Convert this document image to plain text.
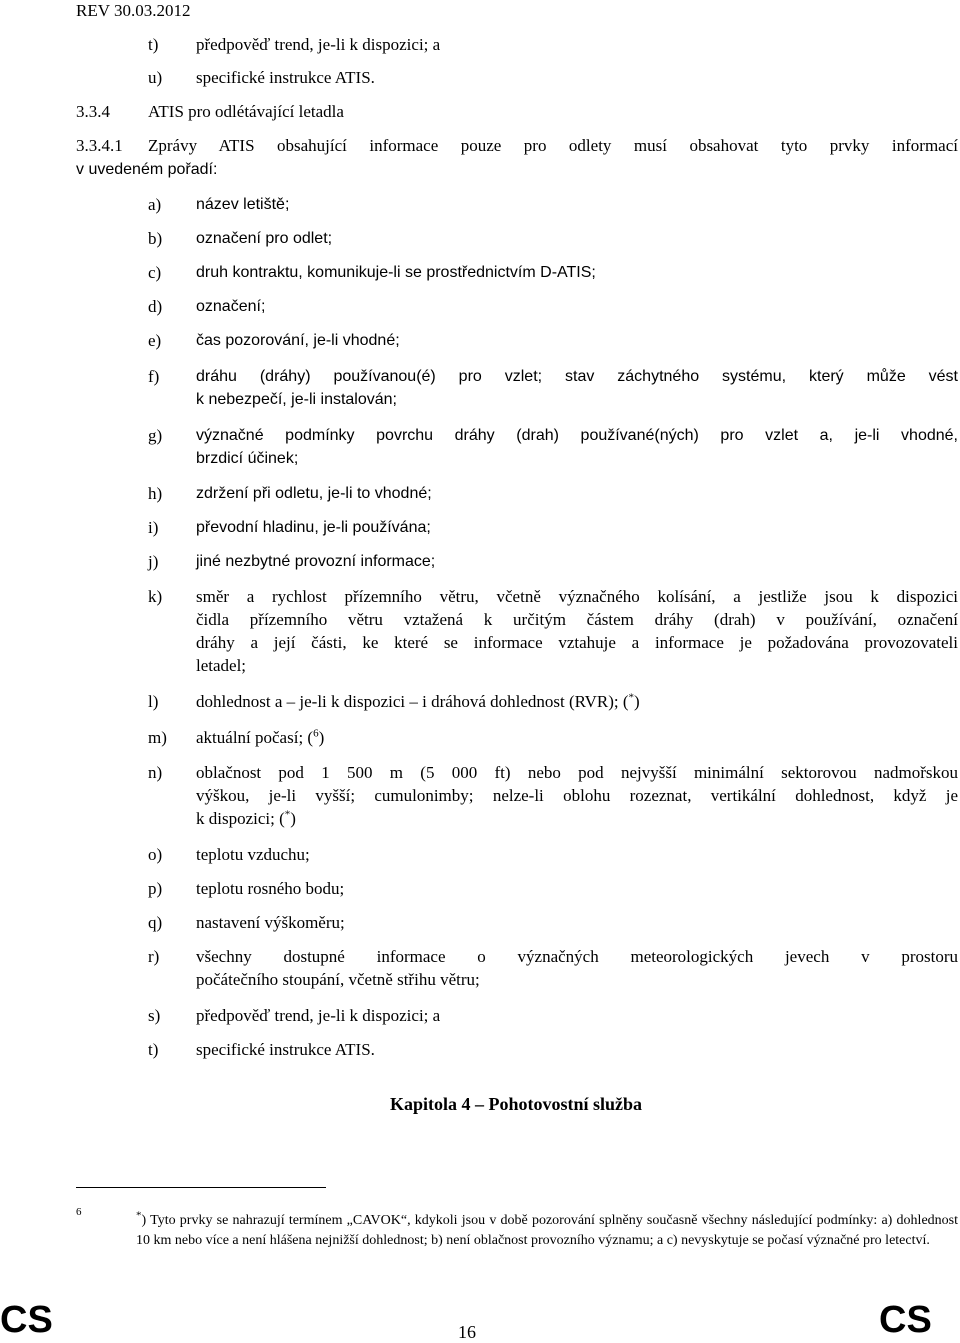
REV 30.03.2012
t) předpověď trend, je-li k dispozici; a
u) specifické instrukce ATIS.
3.3.4 ATIS pro odlétávající letadla
3.3.4.1 Zprávy ATIS obsahující informace pouze pro odlety musí obsahovat tyto prvky informací
v uvedeném pořadí:
a) název letiště;
b) označení pro odlet;
c) druh kontraktu, komunikuje-li se prostřednictvím D-ATIS;
d) označení;
e) čas pozorování, je-li vhodné;
f) dráhu (dráhy) používanou(é) pro vzlet; stav záchytného systému, který může vést
k nebezpečí, je-li instalován;
g) význačné podmínky povrchu dráhy (drah) používané(ných) pro vzlet a, je-li vhodné,
brzdicí účinek;
h) zdržení při odletu, je-li to vhodné;
i) převodní hladinu, je-li používána;
j) jiné nezbytné provozní informace;
k) směr a rychlost přízemního větru, včetně význačného kolísání, a jestliže jsou k dispozici
čidla přízemního větru vztažená k určitým částem dráhy (drah) v používání, označení
dráhy a její části, ke které se informace vztahuje a informace je požadována provozovateli
letadel;
l) dohlednost a – je-li k dispozici – i dráhová dohlednost (RVR); (*)
m) aktuální počasí; ($^6$)
n) oblačnost pod 1 500 m (5 000 ft) nebo pod nejvyšší minimální sektorovou nadmořskou
výškou, je-li vyšší; cumulonimby; nelze-li oblohu rozeznat, vertikální dohlednost, když je
k dispozici; (*)
o) teplotu vzduchu;
p) teplotu rosného bodu;
q) nastavení výškoměru;
r) všechny dostupné informace o význačných meteorologických jevech v prostoru
počátečního stoupání, včetně střihu větru;
s) předpověď trend, je-li k dispozici; a
t) specifické instrukce ATIS.
Kapitola 4 – Pohotovostní služba
6	*) Tyto prvky se nahrazují termínem „CAVOK“, kdykoli jsou v době pozorování splněny současně všechny následující podmínky: a) dohlednost 10 km nebo více a není hlášena nejnižší dohlednost; b) není oblačnost provozního významu; a c) nevyskytuje se počasí význačné pro letectví.
CS	16	CS
